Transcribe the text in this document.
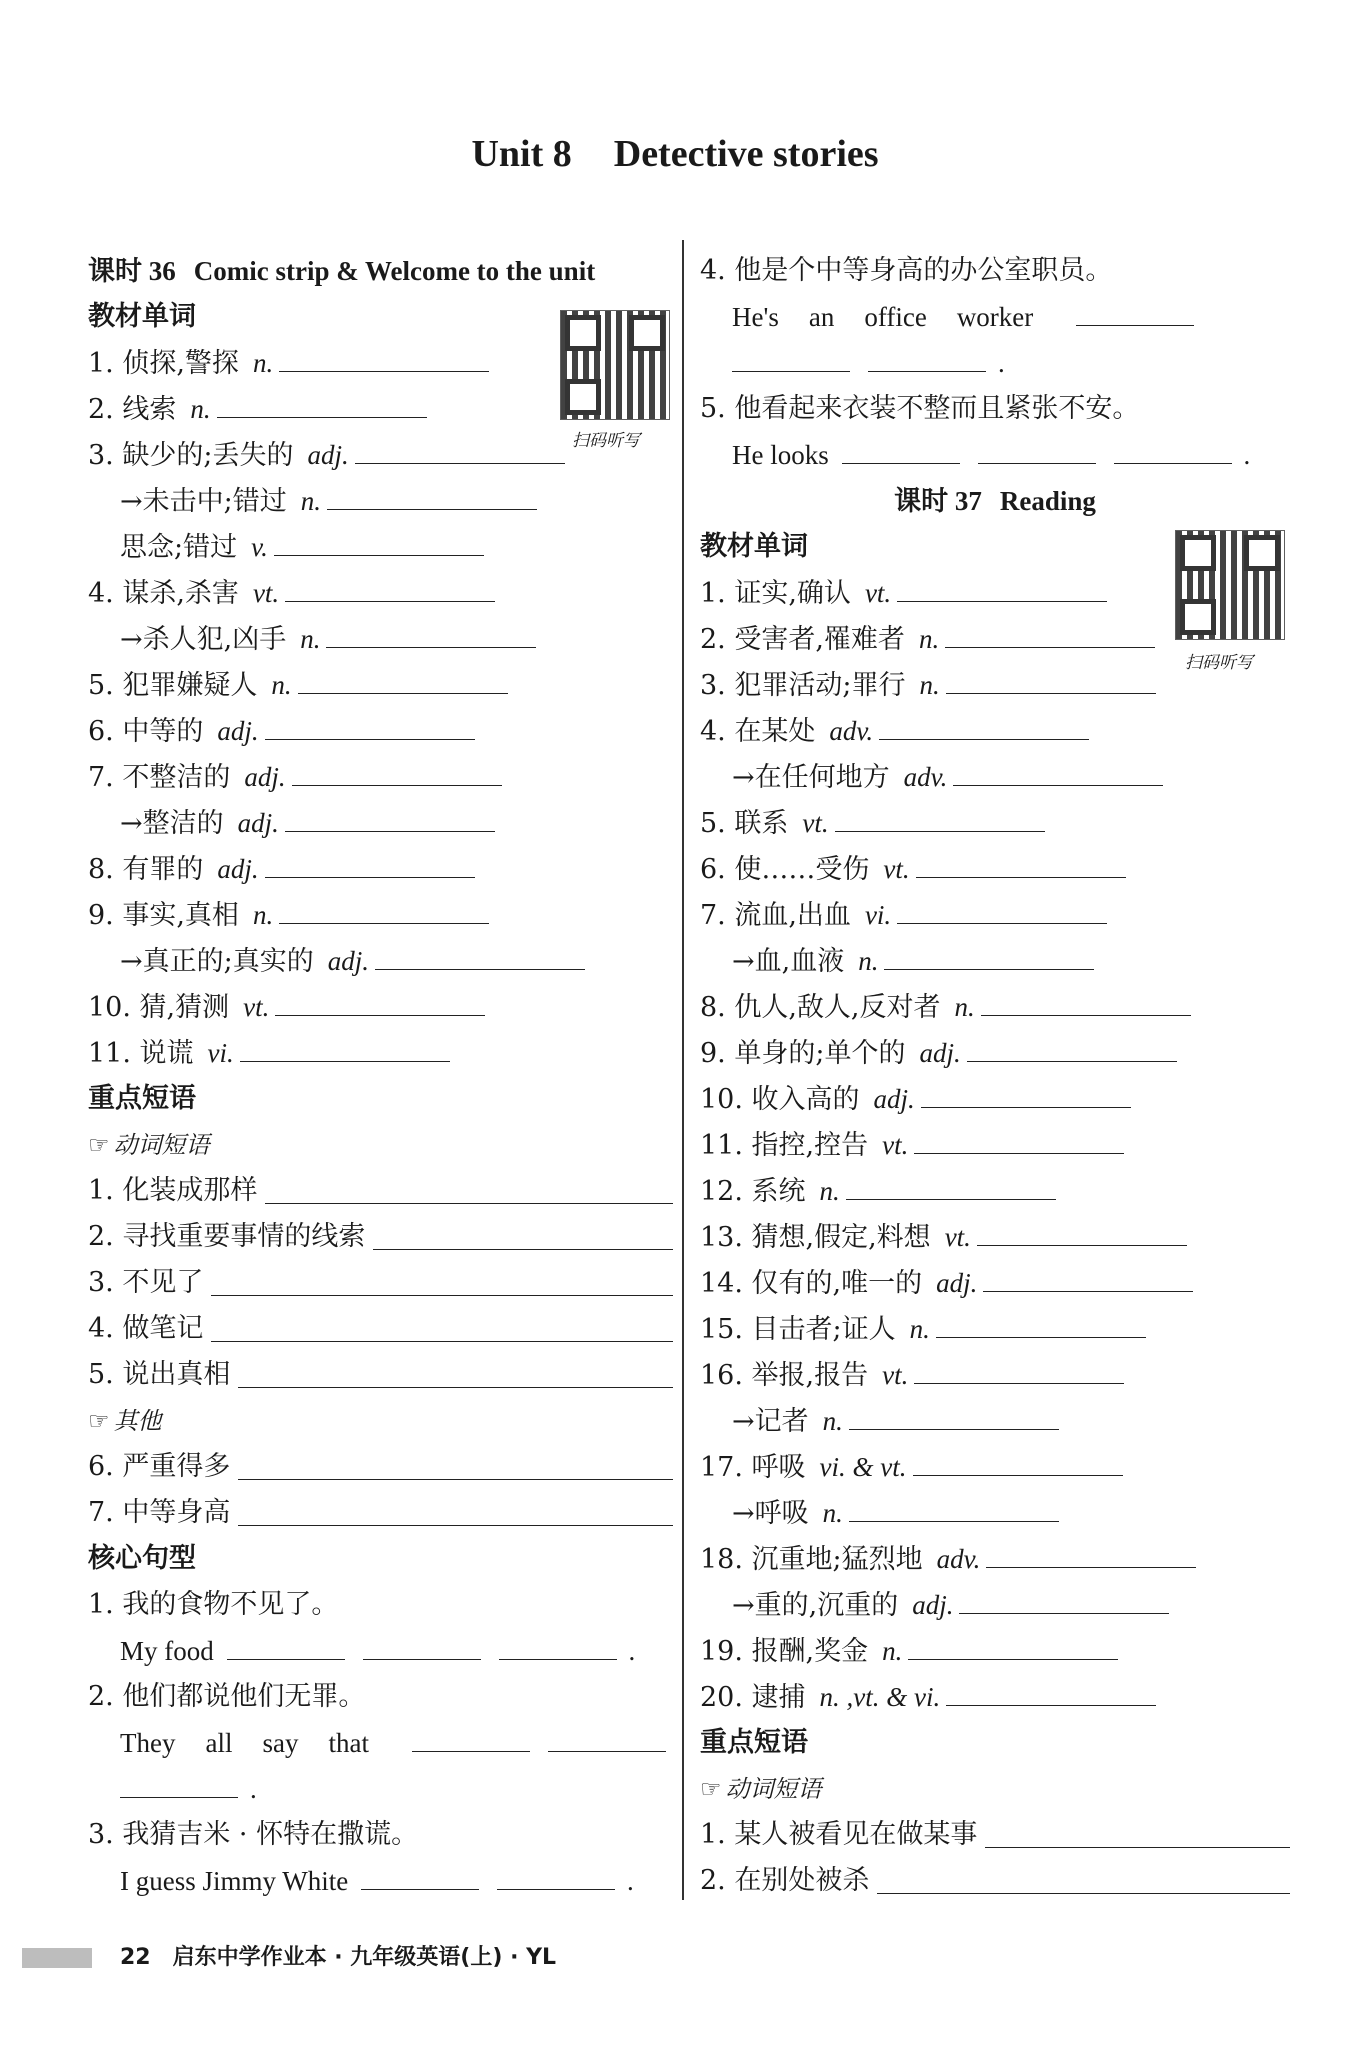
Unit 8 Detective stories
课时 36 Comic strip & Welcome to the unit
教材单词
1. 侦探,警探 n.
2. 线索 n.
3. 缺少的;丢失的 adj.
→未击中;错过 n.
思念;错过 v.
4. 谋杀,杀害 vt.
→杀人犯,凶手 n.
5. 犯罪嫌疑人 n.
6. 中等的 adj.
7. 不整洁的 adj.
→整洁的 adj.
8. 有罪的 adj.
9. 事实,真相 n.
→真正的;真实的 adj.
10. 猜,猜测 vt.
11. 说谎 vi.
重点短语
☞ 动词短语
1. 化装成那样
2. 寻找重要事情的线索
3. 不见了
4. 做笔记
5. 说出真相
☞ 其他
6. 严重得多
7. 中等身高
核心句型
1. 我的食物不见了。
My food	.
2. 他们都说他们无罪。
They all say that
.
3. 我猜吉米 · 怀特在撒谎。
I guess Jimmy White	.
扫码听写
4. 他是个中等身高的办公室职员。
He's an office worker
.
5. 他看起来衣装不整而且紧张不安。
He looks	.
课时 37 Reading
教材单词
1. 证实,确认 vt.
2. 受害者,罹难者 n.
3. 犯罪活动;罪行 n.
4. 在某处 adv.
→在任何地方 adv.
5. 联系 vt.
6. 使……受伤 vt.
7. 流血,出血 vi.
→血,血液 n.
8. 仇人,敌人,反对者 n.
9. 单身的;单个的 adj.
10. 收入高的 adj.
11. 指控,控告 vt.
12. 系统 n.
13. 猜想,假定,料想 vt.
14. 仅有的,唯一的 adj.
15. 目击者;证人 n.
16. 举报,报告 vt.
→记者 n.
17. 呼吸 vi. & vt.
→呼吸 n.
18. 沉重地;猛烈地 adv.
→重的,沉重的 adj.
19. 报酬,奖金 n.
20. 逮捕 n. ,vt. & vi.
重点短语
☞ 动词短语
1. 某人被看见在做某事
2. 在别处被杀
扫码听写
22 启东中学作业本 · 九年级英语(上) · YL
